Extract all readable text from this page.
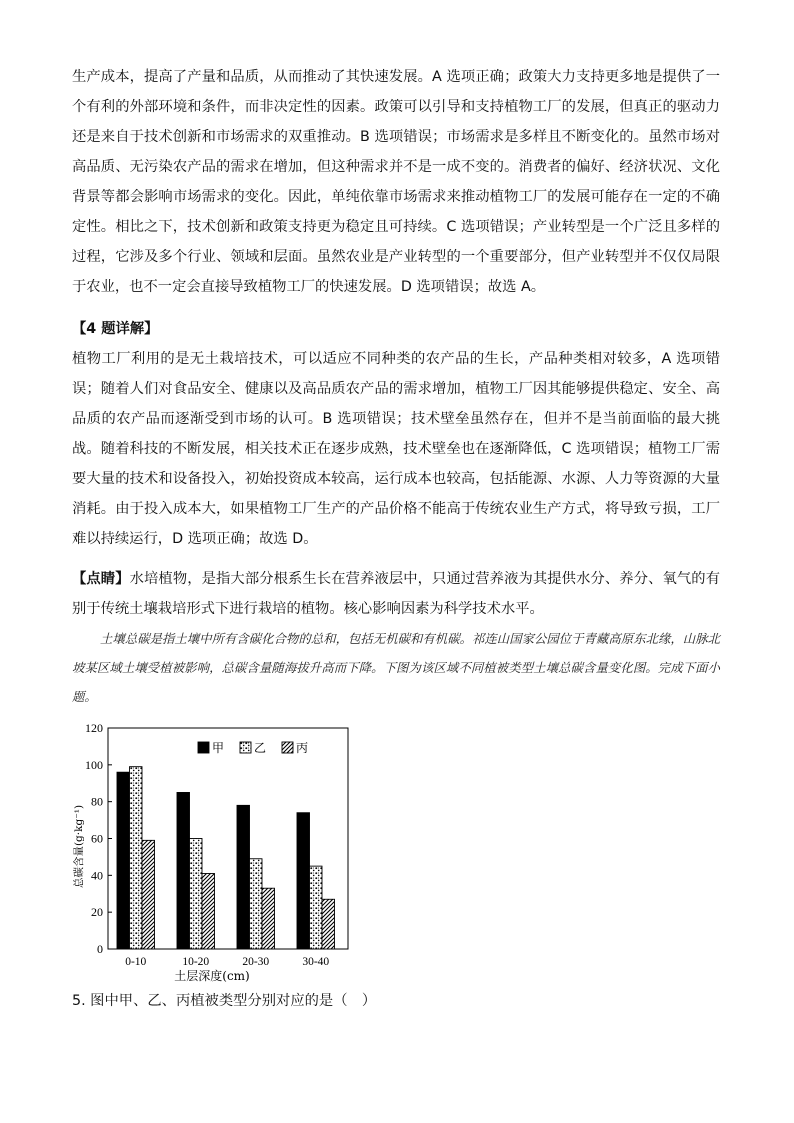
生产成本，提高了产量和品质，从而推动了其快速发展。A 选项正确；政策大力支持更多地是提供了一个有利的外部环境和条件，而非决定性的因素。政策可以引导和支持植物工厂的发展，但真正的驱动力还是来自于技术创新和市场需求的双重推动。B 选项错误；市场需求是多样且不断变化的。虽然市场对高品质、无污染农产品的需求在增加，但这种需求并不是一成不变的。消费者的偏好、经济状况、文化背景等都会影响市场需求的变化。因此，单纯依靠市场需求来推动植物工厂的发展可能存在一定的不确定性。相比之下，技术创新和政策支持更为稳定且可持续。C 选项错误；产业转型是一个广泛且多样的过程，它涉及多个行业、领域和层面。虽然农业是产业转型的一个重要部分，但产业转型并不仅仅局限于农业，也不一定会直接导致植物工厂的快速发展。D 选项错误；故选 A。

【4 题详解】

植物工厂利用的是无土栽培技术，可以适应不同种类的农产品的生长，产品种类相对较多，A 选项错误；随着人们对食品安全、健康以及高品质农产品的需求增加，植物工厂因其能够提供稳定、安全、高品质的农产品而逐渐受到市场的认可。B 选项错误；技术壁垒虽然存在，但并不是当前面临的最大挑战。随着科技的不断发展，相关技术正在逐步成熟，技术壁垒也在逐渐降低，C 选项错误；植物工厂需要大量的技术和设备投入，初始投资成本较高，运行成本也较高，包括能源、水源、人力等资源的大量消耗。由于投入成本大，如果植物工厂生产的产品价格不能高于传统农业生产方式，将导致亏损，工厂难以持续运行，D 选项正确；故选 D。

【点睛】水培植物，是指大部分根系生长在营养液层中，只通过营养液为其提供水分、养分、氧气的有别于传统土壤栽培形式下进行栽培的植物。核心影响因素为科学技术水平。

土壤总碳是指土壤中所有含碳化合物的总和，包括无机碳和有机碳。祁连山国家公园位于青藏高原东北缘，山脉北坡某区域土壤受植被影响，总碳含量随海拔升高而下降。下图为该区域不同植被类型土壤总碳含量变化图。完成下面小题。

0
20
40
60
80
100
120
0-10	10-20	20-30	30-40
土层深度(cm)
总碳含量(g·kg⁻¹)
甲 乙 丙

5. 图中甲、乙、丙植被类型分别对应的是（　）
